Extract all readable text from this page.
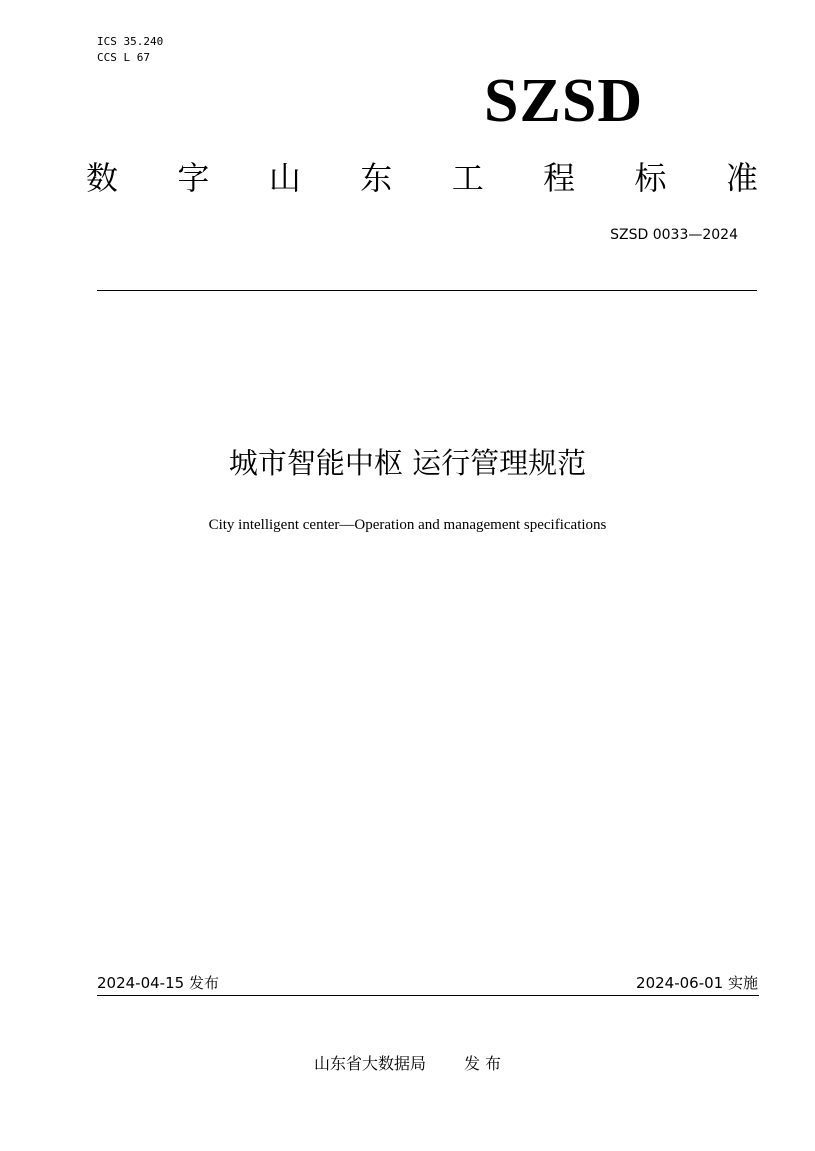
ICS 35.240
CCS L 67
SZSD
数 字 山 东 工 程 标 准
SZSD 0033—2024
城市智能中枢 运行管理规范
City intelligent center—Operation and management specifications
2024-04-15 发布	2024-06-01 实施
山东省大数据局 发 布
